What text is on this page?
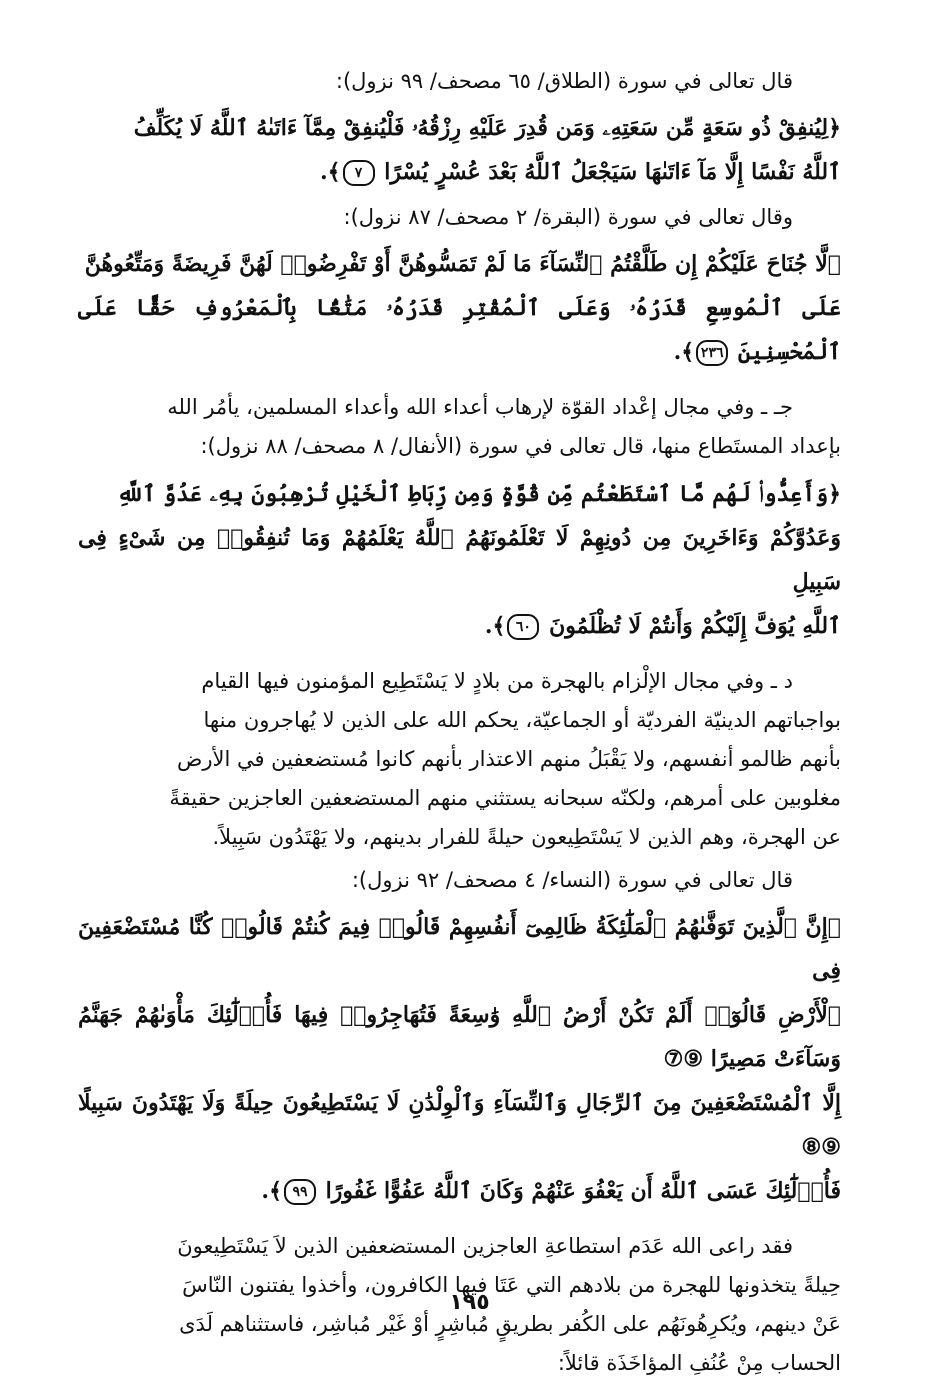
قال تعالى في سورة (الطلاق/ ٦٥ مصحف/ ٩٩ نزول):

﴿لِيُنفِقْ ذُو سَعَةٍ مِّن سَعَتِهِۦ وَمَن قُدِرَ عَلَيْهِ رِزْقُهُۥ فَلْيُنفِقْ مِمَّآ ءَاتَىٰهُ ٱللَّهُ لَا يُكَلِّفُ

ٱللَّهُ نَفْسًا إِلَّا مَآ ءَاتَىٰهَا سَيَجْعَلُ ٱللَّهُ بَعْدَ عُسْرٍ يُسْرًا ٧﴾.

وقال تعالى في سورة (البقرة/ ٢ مصحف/ ٨٧ نزول):

﴿لَّا جُنَاحَ عَلَيْكُمْ إِن طَلَّقْتُمُ ٱلنِّسَآءَ مَا لَمْ تَمَسُّوهُنَّ أَوْ تَفْرِضُوا۟ لَهُنَّ فَرِيضَةً وَمَتِّعُوهُنَّ

عَلَى ٱلْمُوسِعِ قَدَرُهُۥ وَعَلَى ٱلْمُقْتِرِ قَدَرُهُۥ مَتَٰعًۢا بِٱلْمَعْرُوفِ حَقًّا عَلَى ٱلْمُحْسِنِينَ ٢٣٦﴾.

جـ ـ وفي مجال إعْداد القوّة لإرهاب أعداء الله وأعداء المسلمين، يأمُر الله

بإعداد المستَطاع منها، قال تعالى في سورة (الأنفال/ ٨ مصحف/ ٨٨ نزول):

﴿وَأَعِدُّوا۟ لَهُم مَّا ٱسْتَطَعْتُم مِّن قُوَّةٍ وَمِن رِّبَاطِ ٱلْخَيْلِ تُرْهِبُونَ بِهِۦ عَدُوَّ ٱللَّهِ

وَعَدُوَّكُمْ وَءَاخَرِينَ مِن دُونِهِمْ لَا تَعْلَمُونَهُمُ ٱللَّهُ يَعْلَمُهُمْ وَمَا تُنفِقُوا۟ مِن شَىْءٍ فِى سَبِيلِ

ٱللَّهِ يُوَفَّ إِلَيْكُمْ وَأَنتُمْ لَا تُظْلَمُونَ ٦٠﴾.

د ـ وفي مجال الإلْزام بالهجرة من بلادٍ لا يَسْتَطِيع المؤمنون فيها القيام

بواجباتهم الدينيّة الفرديّة أو الجماعيّة، يحكم الله على الذين لا يُهاجرون منها

بأنهم ظالمو أنفسهم، ولا يَقْبَلُ منهم الاعتذار بأنهم كانوا مُستضعفين في الأرض

مغلوبين على أمرهم، ولكنّه سبحانه يستثني منهم المستضعفين العاجزين حقيقةً

عن الهجرة، وهم الذين لا يَسْتَطِيعون حيلةً للفرار بدينهم، ولا يَهْتَدُون سَبِيلاً.

قال تعالى في سورة (النساء/ ٤ مصحف/ ٩٢ نزول):

﴿إِنَّ ٱلَّذِينَ تَوَفَّىٰهُمُ ٱلْمَلَٰٓئِكَةُ ظَالِمِىٓ أَنفُسِهِمْ قَالُوا۟ فِيمَ كُنتُمْ قَالُوا۟ كُنَّا مُسْتَضْعَفِينَ فِى

ٱلْأَرْضِ قَالُوٓا۟ أَلَمْ تَكُنْ أَرْضُ ٱللَّهِ وَٰسِعَةً فَتُهَاجِرُوا۟ فِيهَا فَأُو۟لَٰٓئِكَ مَأْوَىٰهُمْ جَهَنَّمُ وَسَآءَتْ مَصِيرًا ⑨⑦

إِلَّا ٱلْمُسْتَضْعَفِينَ مِنَ ٱلرِّجَالِ وَٱلنِّسَآءِ وَٱلْوِلْدَٰنِ لَا يَسْتَطِيعُونَ حِيلَةً وَلَا يَهْتَدُونَ سَبِيلًا ⑨⑧

فَأُو۟لَٰٓئِكَ عَسَى ٱللَّهُ أَن يَعْفُوَ عَنْهُمْ وَكَانَ ٱللَّهُ عَفُوًّا غَفُورًا ٩٩﴾.

فقد راعى الله عَدَم استطاعةِ العاجزين المستضعفين الذين لاَ يَسْتَطِيعونَ

حِيلةً يتخذونها للهجرة من بلادهم التي عَتَا فيها الكافرون، وأخذوا يفتنون النّاسَ

عَنْ دينهم، ويُكرِهُونَهُم على الكُفر بطريقٍ مُباشِرٍ أوْ غَيْر مُباشِر، فاستثناهم لَدَى

الحساب مِنْ عُنُفِ المؤاخَذَة قائلاً:

١٩٥
